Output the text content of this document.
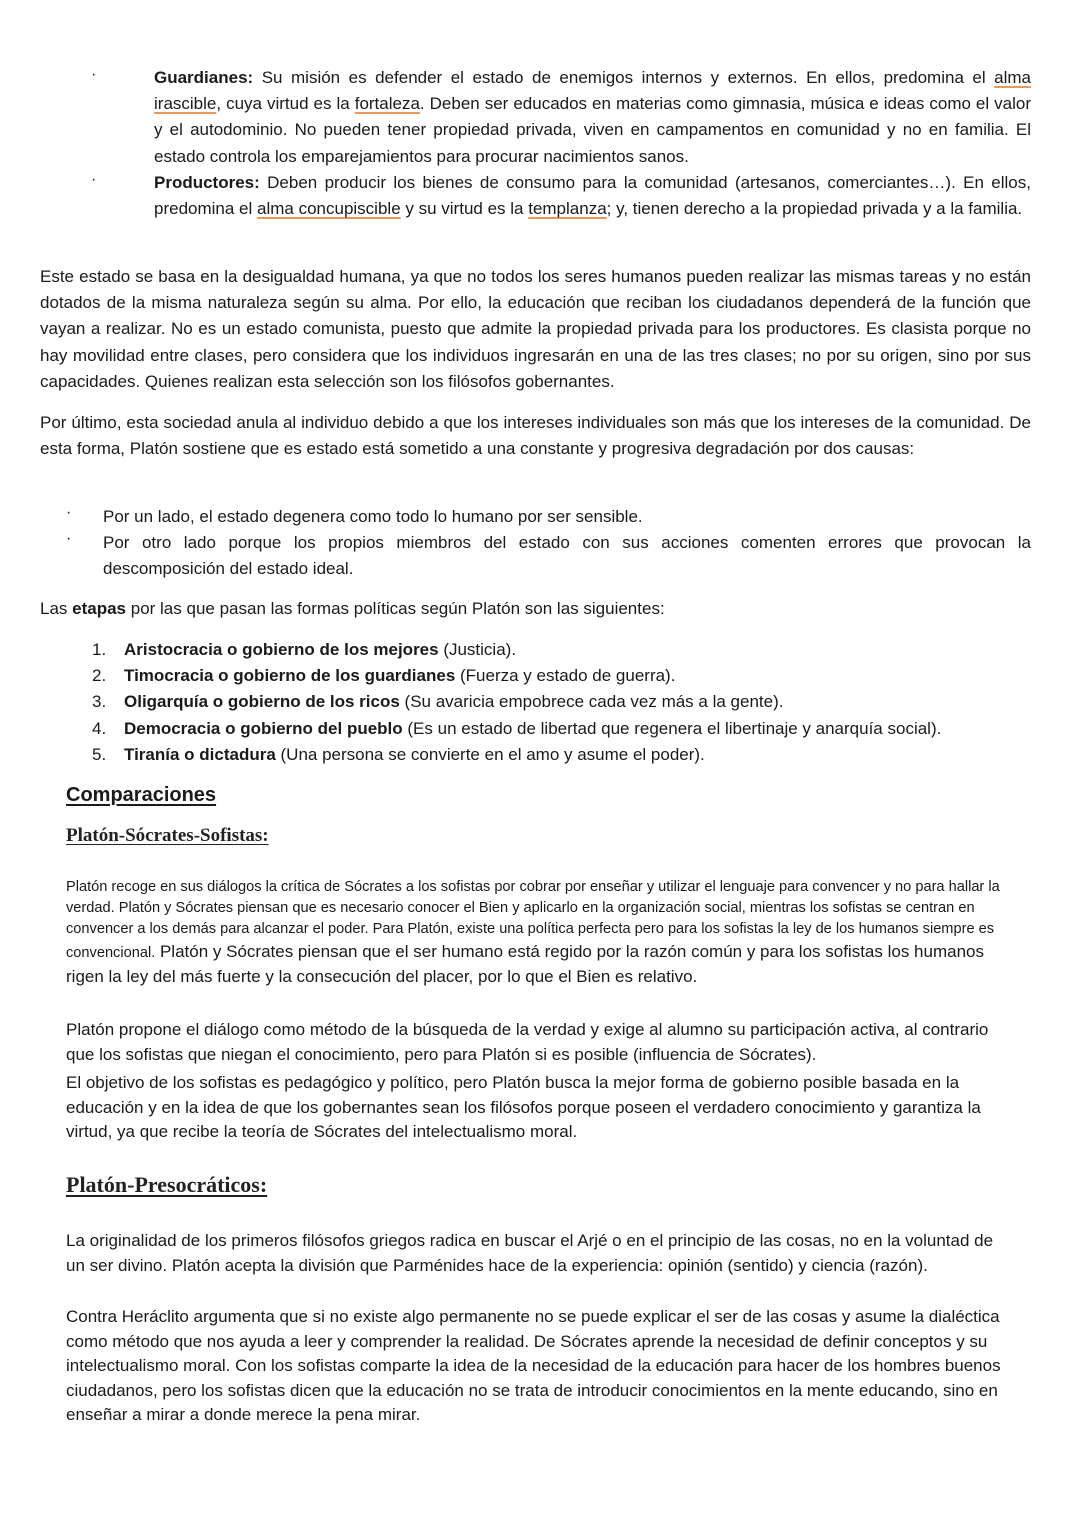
·	Guardianes: Su misión es defender el estado de enemigos internos y externos. En ellos, predomina el alma irascible, cuya virtud es la fortaleza. Deben ser educados en materias como gimnasia, música e ideas como el valor y el autodominio. No pueden tener propiedad privada, viven en campamentos en comunidad y no en familia. El estado controla los emparejamientos para procurar nacimientos sanos.

·	Productores: Deben producir los bienes de consumo para la comunidad (artesanos, comerciantes…). En ellos, predomina el alma concupiscible y su virtud es la templanza; y, tienen derecho a la propiedad privada y a la familia.

Este estado se basa en la desigualdad humana, ya que no todos los seres humanos pueden realizar las mismas tareas y no están dotados de la misma naturaleza según su alma. Por ello, la educación que reciban los ciudadanos dependerá de la función que vayan a realizar. No es un estado comunista, puesto que admite la propiedad privada para los productores. Es clasista porque no hay movilidad entre clases, pero considera que los individuos ingresarán en una de las tres clases; no por su origen, sino por sus capacidades. Quienes realizan esta selección son los filósofos gobernantes.

Por último, esta sociedad anula al individuo debido a que los intereses individuales son más que los intereses de la comunidad. De esta forma, Platón sostiene que es estado está sometido a una constante y progresiva degradación por dos causas:

· Por un lado, el estado degenera como todo lo humano por ser sensible.

· Por otro lado porque los propios miembros del estado con sus acciones comenten errores que provocan la descomposición del estado ideal.

Las etapas por las que pasan las formas políticas según Platón son las siguientes:

1.	Aristocracia o gobierno de los mejores (Justicia).
2.	Timocracia o gobierno de los guardianes (Fuerza y estado de guerra).
3.	Oligarquía o gobierno de los ricos (Su avaricia empobrece cada vez más a la gente).
4.	Democracia o gobierno del pueblo (Es un estado de libertad que regenera el libertinaje y anarquía social).
5.	Tiranía o dictadura (Una persona se convierte en el amo y asume el poder).
Comparaciones
Platón-Sócrates-Sofistas:

Platón recoge en sus diálogos la crítica de Sócrates a los sofistas por cobrar por enseñar y utilizar el lenguaje para convencer y no para hallar la verdad. Platón y Sócrates piensan que es necesario conocer el Bien y aplicarlo en la organización social, mientras los sofistas se centran en convencer a los demás para alcanzar el poder. Para Platón, existe una política perfecta pero para los sofistas la ley de los humanos siempre es convencional. Platón y Sócrates piensan que el ser humano está regido por la razón común y para los sofistas los humanos rigen la ley del más fuerte y la consecución del placer, por lo que el Bien es relativo.

Platón propone el diálogo como método de la búsqueda de la verdad y exige al alumno su participación activa, al contrario que los sofistas que niegan el conocimiento, pero para Platón si es posible (influencia de Sócrates).

El objetivo de los sofistas es pedagógico y político, pero Platón busca la mejor forma de gobierno posible basada en la educación y en la idea de que los gobernantes sean los filósofos porque poseen el verdadero conocimiento y garantiza la virtud, ya que recibe la teoría de Sócrates del intelectualismo moral.

Platón-Presocráticos:

La originalidad de los primeros filósofos griegos radica en buscar el Arjé o en el principio de las cosas, no en la voluntad de un ser divino. Platón acepta la división que Parménides hace de la experiencia: opinión (sentido) y ciencia (razón).

Contra Heráclito argumenta que si no existe algo permanente no se puede explicar el ser de las cosas y asume la dialéctica como método que nos ayuda a leer y comprender la realidad. De Sócrates aprende la necesidad de definir conceptos y su intelectualismo moral. Con los sofistas comparte la idea de la necesidad de la educación para hacer de los hombres buenos ciudadanos, pero los sofistas dicen que la educación no se trata de introducir conocimientos en la mente educando, sino en enseñar a mirar a donde merece la pena mirar.
